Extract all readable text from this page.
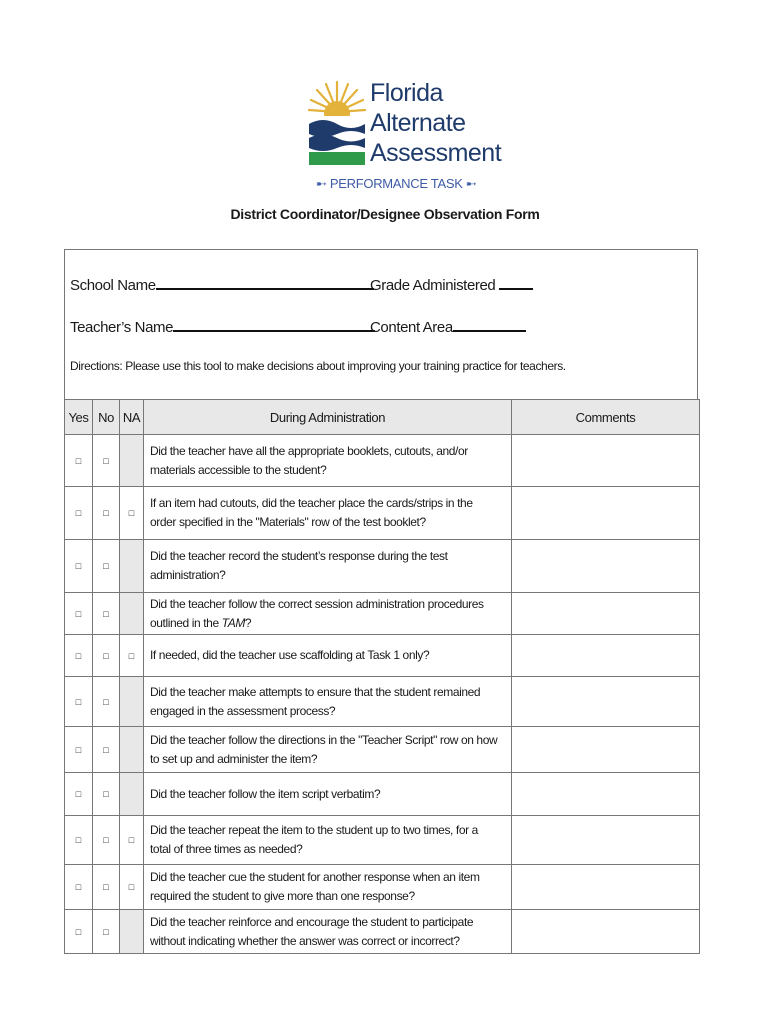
Florida
Alternate
Assessment
➸ PERFORMANCE TASK ➸
District Coordinator/Designee Observation Form
School Name	Grade Administered
Teacher’s Name	Content Area
Directions: Please use this tool to make decisions about improving your training practice for teachers.
Yes	No	NA	During Administration	Comments
□	□		Did the teacher have all the appropriate booklets, cutouts, and/or materials accessible to the student?	
□	□	□	If an item had cutouts, did the teacher place the cards/strips in the order specified in the "Materials" row of the test booklet?	
□	□		Did the teacher record the student’s response during the test administration?	
□	□		Did the teacher follow the correct session administration procedures outlined in the TAM?	
□	□	□	If needed, did the teacher use scaffolding at Task 1 only?	
□	□		Did the teacher make attempts to ensure that the student remained engaged in the assessment process?	
□	□		Did the teacher follow the directions in the "Teacher Script" row on how to set up and administer the item?	
□	□		Did the teacher follow the item script verbatim?	
□	□	□	Did the teacher repeat the item to the student up to two times, for a total of three times as needed?	
□	□	□	Did the teacher cue the student for another response when an item required the student to give more than one response?	
□	□		Did the teacher reinforce and encourage the student to participate without indicating whether the answer was correct or incorrect?	
